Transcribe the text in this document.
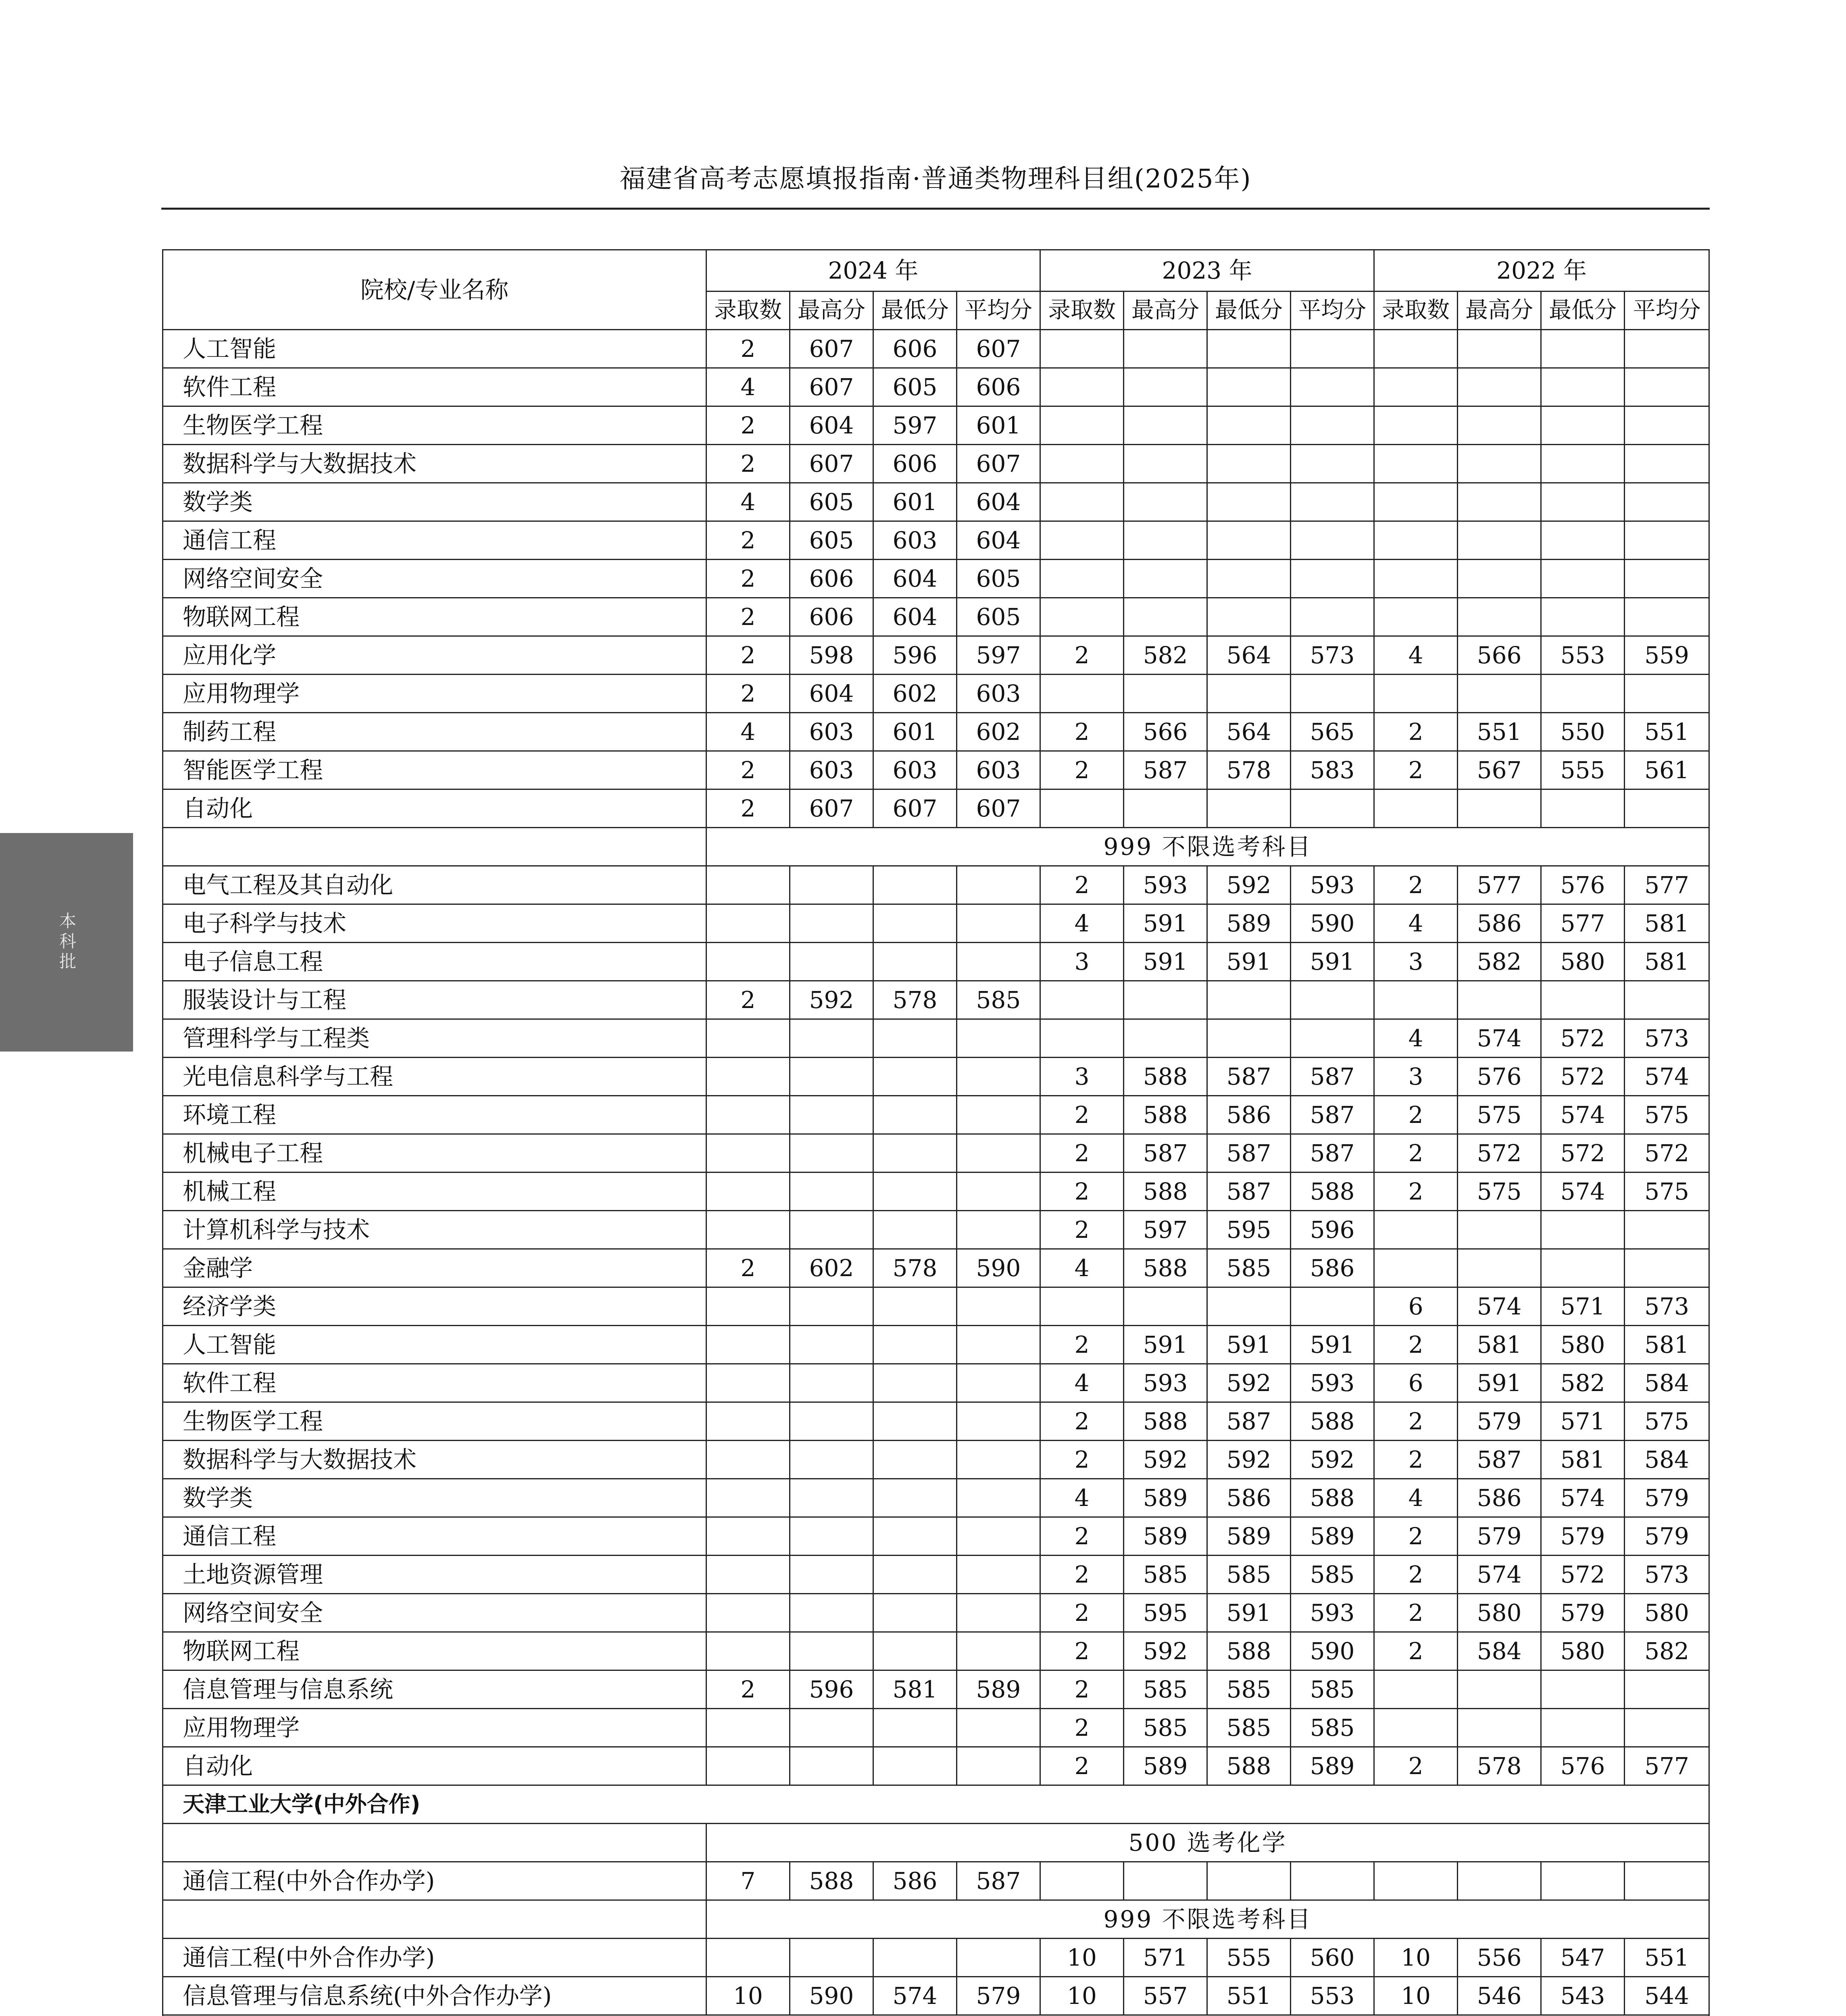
福建省高考志愿填报指南·普通类物理科目组(2025年)
本科批
院校/专业名称	2024 年				2023 年				2022 年			
	录取数	最高分	最低分	平均分	录取数	最高分	最低分	平均分	录取数	最高分	最低分	平均分
人工智能	2	607	606	607								
软件工程	4	607	605	606								
生物医学工程	2	604	597	601								
数据科学与大数据技术	2	607	606	607								
数学类	4	605	601	604								
通信工程	2	605	603	604								
网络空间安全	2	606	604	605								
物联网工程	2	606	604	605								
应用化学	2	598	596	597	2	582	564	573	4	566	553	559
应用物理学	2	604	602	603								
制药工程	4	603	601	602	2	566	564	565	2	551	550	551
智能医学工程	2	603	603	603	2	587	578	583	2	567	555	561
自动化	2	607	607	607								
	999 不限选考科目											
电气工程及其自动化					2	593	592	593	2	577	576	577
电子科学与技术					4	591	589	590	4	586	577	581
电子信息工程					3	591	591	591	3	582	580	581
服装设计与工程	2	592	578	585								
管理科学与工程类									4	574	572	573
光电信息科学与工程					3	588	587	587	3	576	572	574
环境工程					2	588	586	587	2	575	574	575
机械电子工程					2	587	587	587	2	572	572	572
机械工程					2	588	587	588	2	575	574	575
计算机科学与技术					2	597	595	596				
金融学	2	602	578	590	4	588	585	586				
经济学类									6	574	571	573
人工智能					2	591	591	591	2	581	580	581
软件工程					4	593	592	593	6	591	582	584
生物医学工程					2	588	587	588	2	579	571	575
数据科学与大数据技术					2	592	592	592	2	587	581	584
数学类					4	589	586	588	4	586	574	579
通信工程					2	589	589	589	2	579	579	579
土地资源管理					2	585	585	585	2	574	572	573
网络空间安全					2	595	591	593	2	580	579	580
物联网工程					2	592	588	590	2	584	580	582
信息管理与信息系统	2	596	581	589	2	585	585	585				
应用物理学					2	585	585	585				
自动化					2	589	588	589	2	578	576	577
天津工业大学(中外合作)												
	500 选考化学											
通信工程(中外合作办学)	7	588	586	587								
	999 不限选考科目											
通信工程(中外合作办学)					10	571	555	560	10	556	547	551
信息管理与信息系统(中外合作办学)	10	590	574	579	10	557	551	553	10	546	543	544
